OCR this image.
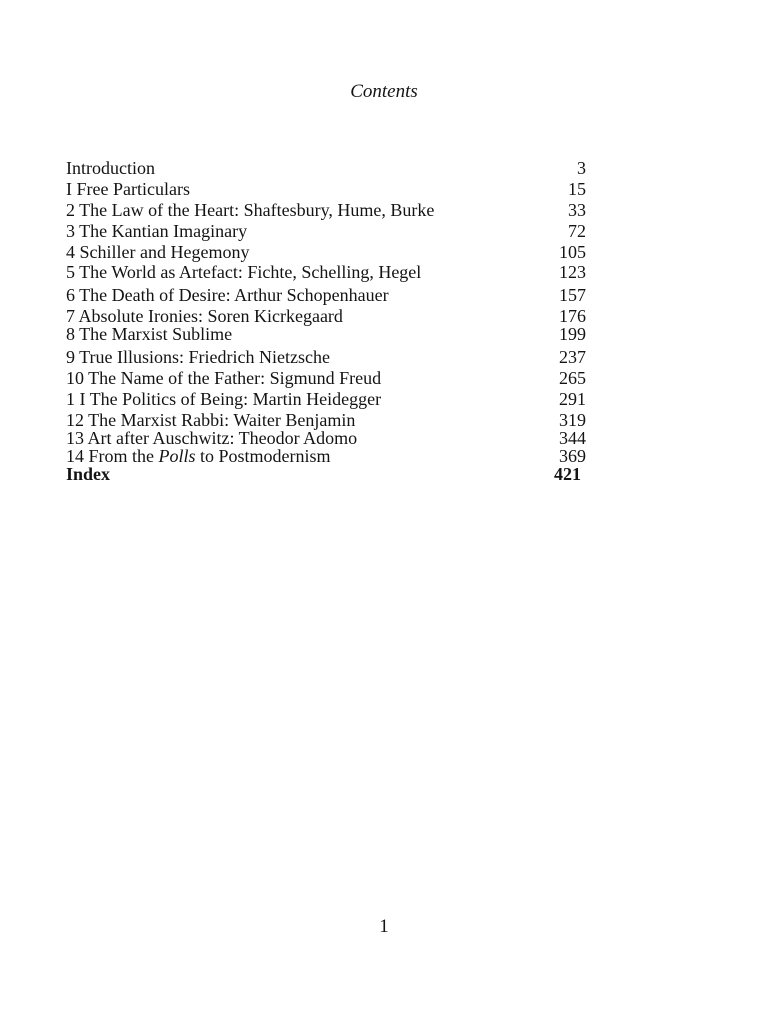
Contents
Introduction	3
I Free Particulars	15
2 The Law of the Heart: Shaftesbury, Hume, Burke	33
3 The Kantian Imaginary	72
4 Schiller and Hegemony	105
5 The World as Artefact: Fichte, Schelling, Hegel	123
6 The Death of Desire: Arthur Schopenhauer	157
7 Absolute Ironies: Soren Kicrkegaard	176
8 The Marxist Sublime	199
9 True Illusions: Friedrich Nietzsche	237
10 The Name of the Father: Sigmund Freud	265
1 I The Politics of Being: Martin Heidegger	291
12 The Marxist Rabbi: Waiter Benjamin	319
13 Art after Auschwitz: Theodor Adomo	344
14 From the Polls to Postmodernism	369
Index	421
1
